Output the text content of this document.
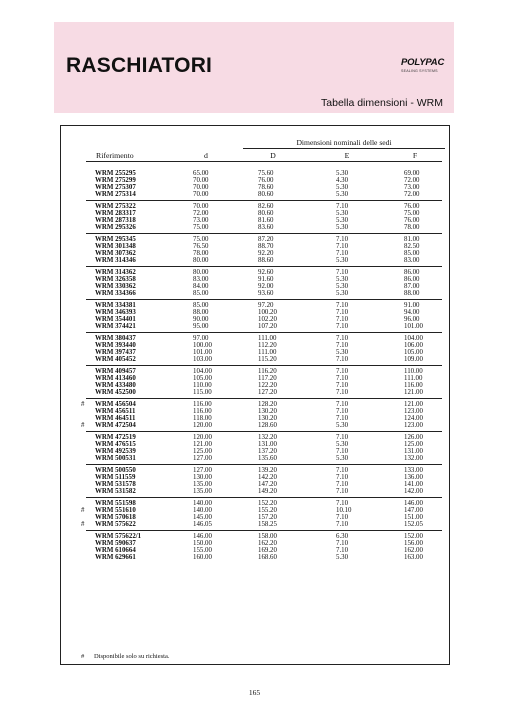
RASCHIATORI	POLYPAC
SEALING SYSTEMS
Tabella dimensioni - WRM
Dimensioni nominali delle sedi
Riferimento	d	D	E	F
# Disponibile solo su richiesta.
WRM 255295	65.00	75.60	5.30	69.00
WRM 275299	70.00	76.00	4.30	72.00
WRM 275307	70.00	78.60	5.30	73.00
WRM 275314	70.00	80.60	5.30	72.00
WRM 275322	70.00	82.60	7.10	76.00
WRM 283317	72.00	80.60	5.30	75.00
WRM 287318	73.00	81.60	5.30	76.00
WRM 295326	75.00	83.60	5.30	78.00
WRM 295345	75.00	87.20	7.10	81.00
WRM 301348	76.50	88.70	7.10	82.50
WRM 307362	78.00	92.20	7.10	85.00
WRM 314346	80.00	88.60	5.30	83.00
WRM 314362	80.00	92.60	7.10	86.00
WRM 326358	83.00	91.60	5.30	86.00
WRM 330362	84.00	92.00	5.30	87.00
WRM 334366	85.00	93.60	5.30	88.00
WRM 334381	85.00	97.20	7.10	91.00
WRM 346393	88.00	100.20	7.10	94.00
WRM 354401	90.00	102.20	7.10	96.00
WRM 374421	95.00	107.20	7.10	101.00
WRM 380437	97.00	111.00	7.10	104.00
WRM 393440	100.00	112.20	7.10	106.00
WRM 397437	101.00	111.00	5.30	105.00
WRM 405452	103.00	115.20	7.10	109.00
WRM 409457	104.00	116.20	7.10	110.00
WRM 413460	105.00	117.20	7.10	111.00
WRM 433480	110.00	122.20	7.10	116.00
WRM 452500	115.00	127.20	7.10	121.00
# WRM 456504	116.00	128.20	7.10	121.00
WRM 456511	116.00	130.20	7.10	123.00
WRM 464511	118.00	130.20	7.10	124.00
# WRM 472504	120.00	128.60	5.30	123.00
WRM 472519	120.00	132.20	7.10	126.00
WRM 476515	121.00	131.00	5.30	125.00
WRM 492539	125.00	137.20	7.10	131.00
WRM 500531	127.00	135.60	5.30	132.00
WRM 500550	127.00	139.20	7.10	133.00
WRM 511559	130.00	142.20	7.10	136.00
WRM 531578	135.00	147.20	7.10	141.00
WRM 531582	135.00	149.20	7.10	142.00
WRM 551598	140.00	152.20	7.10	146.00
# WRM 551610	140.00	155.20	10.10	147.00
WRM 570618	145.00	157.20	7.10	151.00
# WRM 575622	146.05	158.25	7.10	152.05
WRM 575622/1	146.00	158.00	6.30	152.00
WRM 590637	150.00	162.20	7.10	156.00
WRM 610664	155.00	169.20	7.10	162.00
WRM 629661	160.00	168.60	5.30	163.00
165
